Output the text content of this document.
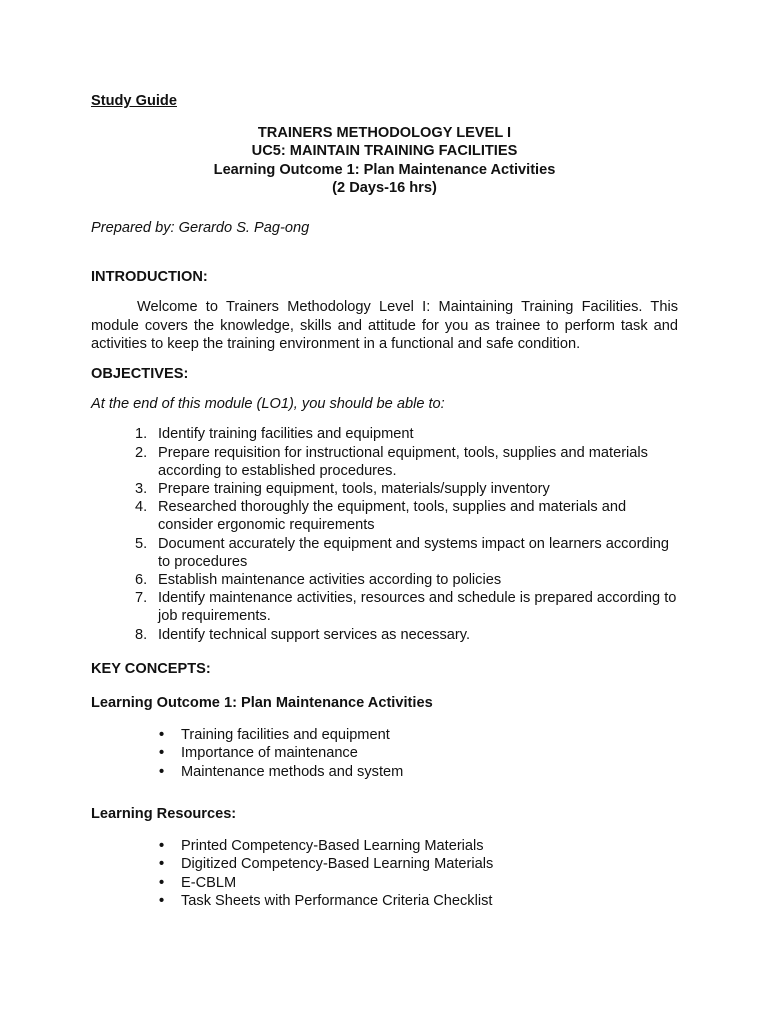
Study Guide
TRAINERS METHODOLOGY LEVEL I
UC5: MAINTAIN TRAINING FACILITIES
Learning Outcome 1: Plan Maintenance Activities
(2 Days-16 hrs)
Prepared by: Gerardo S. Pag-ong
INTRODUCTION:
Welcome to Trainers Methodology Level I: Maintaining Training Facilities. This module covers the knowledge, skills and attitude for you as trainee to perform task and activities to keep the training environment in a functional and safe condition.
OBJECTIVES:
At the end of this module (LO1), you should be able to:
1. Identify training facilities and equipment
2. Prepare requisition for instructional equipment, tools, supplies and materials according to established procedures.
3. Prepare training equipment, tools, materials/supply inventory
4. Researched thoroughly the equipment, tools, supplies and materials and consider ergonomic requirements
5. Document accurately the equipment and systems impact on learners according to procedures
6. Establish maintenance activities according to policies
7. Identify maintenance activities, resources and schedule is prepared according to job requirements.
8. Identify technical support services as necessary.
KEY CONCEPTS:
Learning Outcome 1: Plan Maintenance Activities
• Training facilities and equipment
• Importance of maintenance
• Maintenance methods and system
Learning Resources:
• Printed Competency-Based Learning Materials
• Digitized Competency-Based Learning Materials
• E-CBLM
• Task Sheets with Performance Criteria Checklist
